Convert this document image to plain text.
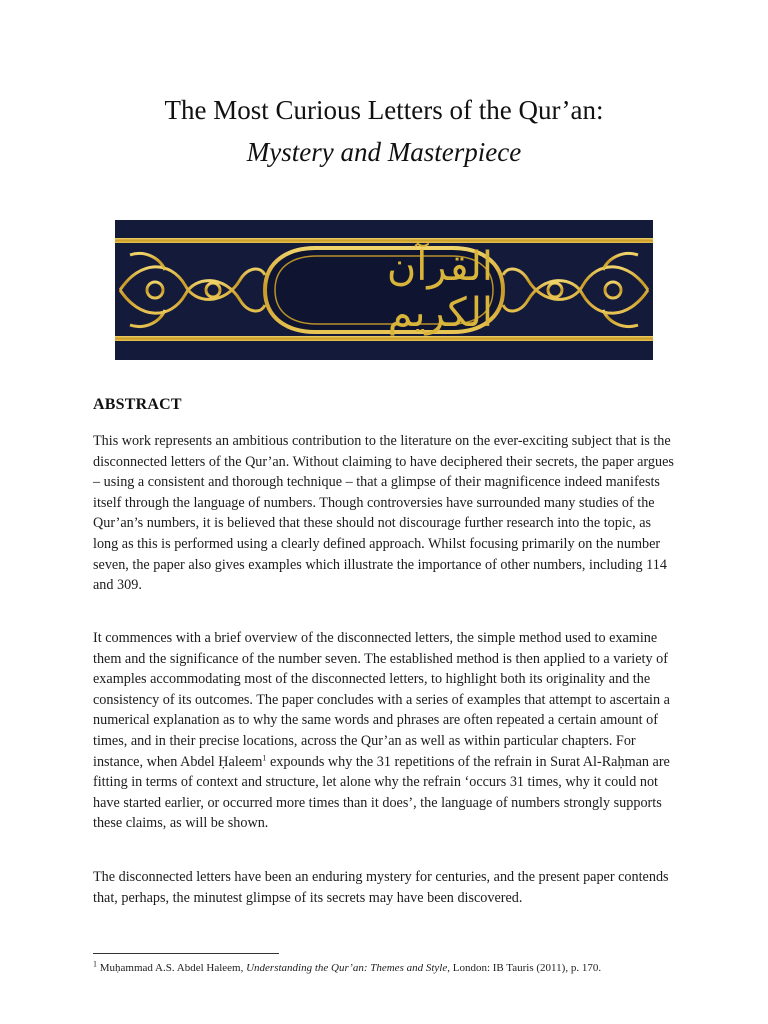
The Most Curious Letters of the Qur’an:
Mystery and Masterpiece
القرآن الكريم
ABSTRACT
This work represents an ambitious contribution to the literature on the ever-exciting subject that is the disconnected letters of the Qur’an. Without claiming to have deciphered their secrets, the paper argues – using a consistent and thorough technique – that a glimpse of their magnificence indeed manifests itself through the language of numbers. Though controversies have surrounded many studies of the Qur’an’s numbers, it is believed that these should not discourage further research into the topic, as long as this is performed using a clearly defined approach. Whilst focusing primarily on the number seven, the paper also gives examples which illustrate the importance of other numbers, including 114 and 309.
It commences with a brief overview of the disconnected letters, the simple method used to examine them and the significance of the number seven. The established method is then applied to a variety of examples accommodating most of the disconnected letters, to highlight both its originality and the consistency of its outcomes. The paper concludes with a series of examples that attempt to ascertain a numerical explanation as to why the same words and phrases are often repeated a certain amount of times, and in their precise locations, across the Qur’an as well as within particular chapters. For instance, when Abdel Ḥaleem$^1$ expounds why the 31 repetitions of the refrain in Surat Al-Raḥman are fitting in terms of context and structure, let alone why the refrain ‘occurs 31 times, why it could not have started earlier, or occurred more times than it does’, the language of numbers strongly supports these claims, as will be shown.
The disconnected letters have been an enduring mystery for centuries, and the present paper contends that, perhaps, the minutest glimpse of its secrets may have been discovered.
$^1$ Muḥammad A.S. Abdel Haleem, Understanding the Qur’an: Themes and Style, London: IB Tauris (2011), p. 170.
